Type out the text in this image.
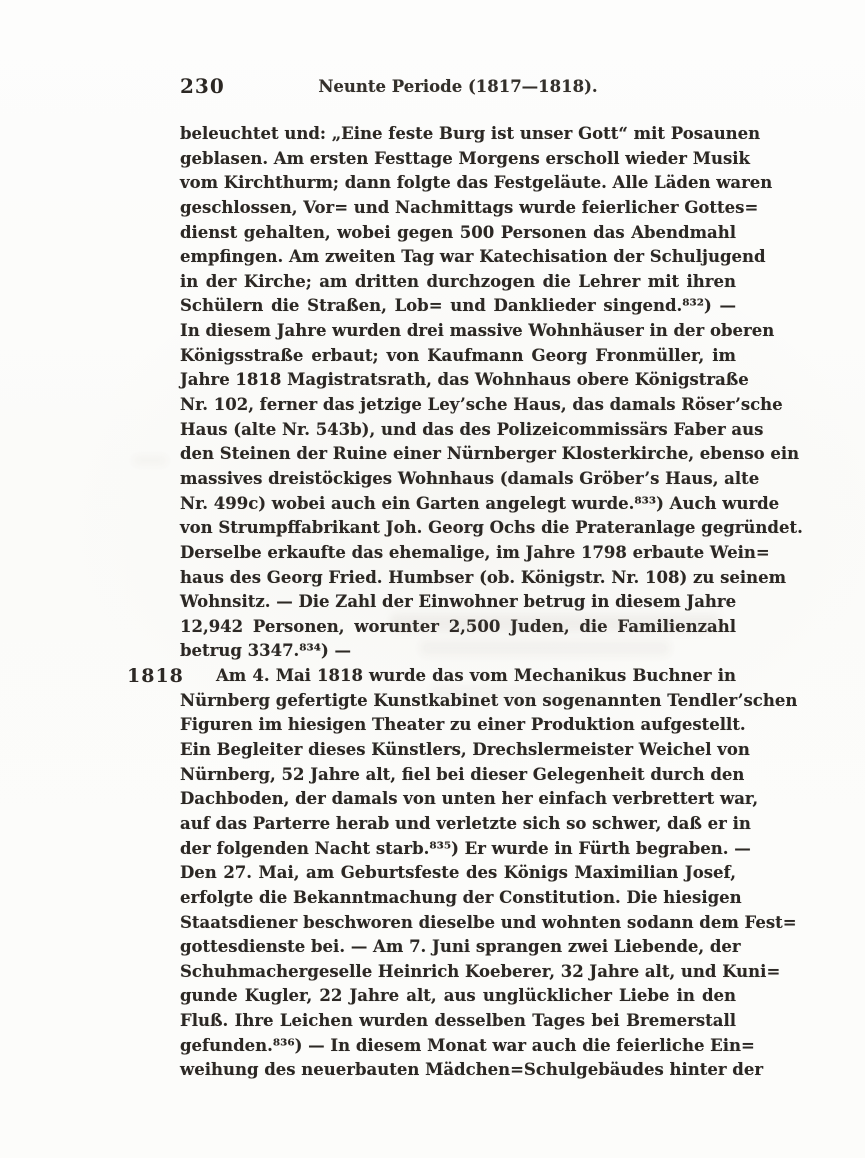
230	Neunte Periode (1817—1818).
1818
beleuchtet und: „Eine feste Burg ist unser Gott“ mit Posaunen
geblasen. Am ersten Festtage Morgens erscholl wieder Musik
vom Kirchthurm; dann folgte das Festgeläute. Alle Läden waren
geschlossen, Vor= und Nachmittags wurde feierlicher Gottes=
dienst gehalten, wobei gegen 500 Personen das Abendmahl
empfingen. Am zweiten Tag war Katechisation der Schuljugend
in der Kirche; am dritten durchzogen die Lehrer mit ihren
Schülern die Straßen, Lob= und Danklieder singend.⁸³²) —
In diesem Jahre wurden drei massive Wohnhäuser in der oberen
Königsstraße erbaut; von Kaufmann Georg Fronmüller, im
Jahre 1818 Magistratsrath, das Wohnhaus obere Königstraße
Nr. 102, ferner das jetzige Ley’sche Haus, das damals Röser’sche
Haus (alte Nr. 543b), und das des Polizeicommissärs Faber aus
den Steinen der Ruine einer Nürnberger Klosterkirche, ebenso ein
massives dreistöckiges Wohnhaus (damals Gröber’s Haus, alte
Nr. 499c) wobei auch ein Garten angelegt wurde.⁸³³) Auch wurde
von Strumpffabrikant Joh. Georg Ochs die Prateranlage gegründet.
Derselbe erkaufte das ehemalige, im Jahre 1798 erbaute Wein=
haus des Georg Fried. Humbser (ob. Königstr. Nr. 108) zu seinem
Wohnsitz. — Die Zahl der Einwohner betrug in diesem Jahre
12,942 Personen, worunter 2,500 Juden, die Familienzahl
betrug 3347.⁸³⁴) —
Am 4. Mai 1818 wurde das vom Mechanikus Buchner in
Nürnberg gefertigte Kunstkabinet von sogenannten Tendler’schen
Figuren im hiesigen Theater zu einer Produktion aufgestellt.
Ein Begleiter dieses Künstlers, Drechslermeister Weichel von
Nürnberg, 52 Jahre alt, fiel bei dieser Gelegenheit durch den
Dachboden, der damals von unten her einfach verbrettert war,
auf das Parterre herab und verletzte sich so schwer, daß er in
der folgenden Nacht starb.⁸³⁵) Er wurde in Fürth begraben. —
Den 27. Mai, am Geburtsfeste des Königs Maximilian Josef,
erfolgte die Bekanntmachung der Constitution. Die hiesigen
Staatsdiener beschworen dieselbe und wohnten sodann dem Fest=
gottesdienste bei. — Am 7. Juni sprangen zwei Liebende, der
Schuhmachergeselle Heinrich Koeberer, 32 Jahre alt, und Kuni=
gunde Kugler, 22 Jahre alt, aus unglücklicher Liebe in den
Fluß. Ihre Leichen wurden desselben Tages bei Bremerstall
gefunden.⁸³⁶) — In diesem Monat war auch die feierliche Ein=
weihung des neuerbauten Mädchen=Schulgebäudes hinter der
